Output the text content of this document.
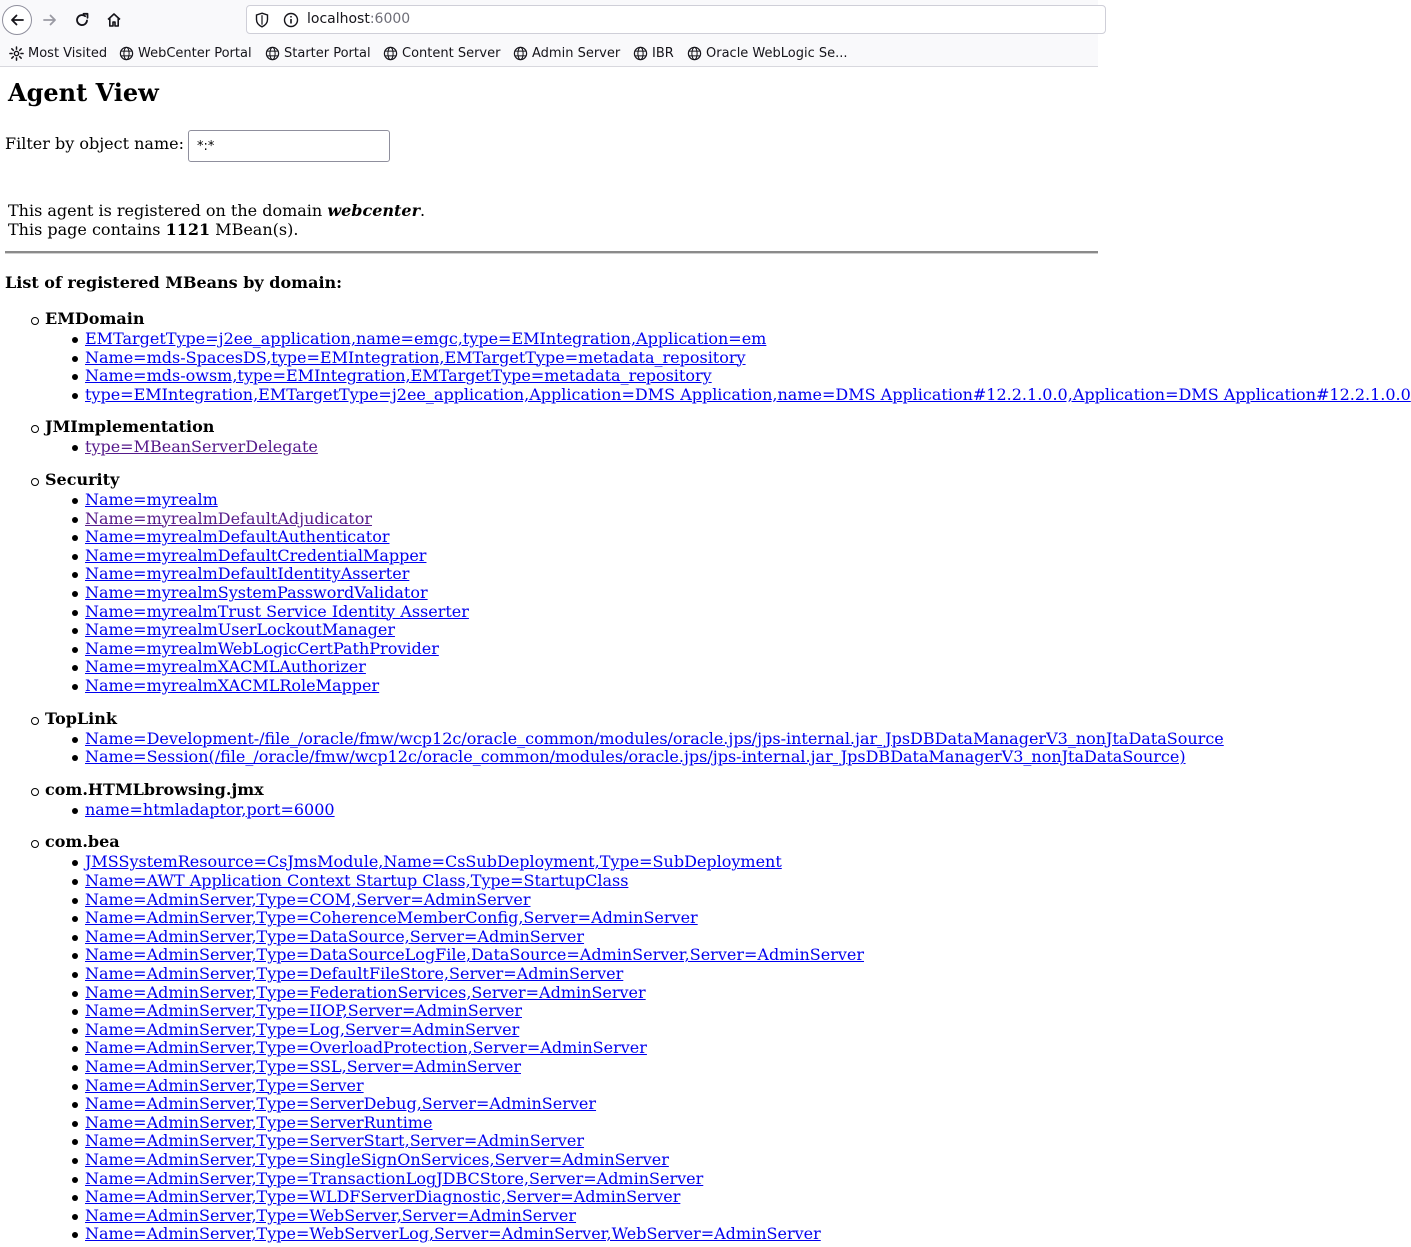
localhost:6000
Most Visited WebCenter Portal Starter Portal Content Server Admin Server IBR Oracle WebLogic Se...
Agent View
Filter by object name:
*:*
This agent is registered on the domain webcenter.
This page contains 1121 MBean(s).
List of registered MBeans by domain:
EMDomain
EMTargetType=j2ee_application,name=emgc,type=EMIntegration,Application=em
Name=mds-SpacesDS,type=EMIntegration,EMTargetType=metadata_repository
Name=mds-owsm,type=EMIntegration,EMTargetType=metadata_repository
type=EMIntegration,EMTargetType=j2ee_application,Application=DMS Application,name=DMS Application#12.2.1.0.0,Application=DMS Application#12.2.1.0.0
JMImplementation
type=MBeanServerDelegate
Security
Name=myrealm
Name=myrealmDefaultAdjudicator
Name=myrealmDefaultAuthenticator
Name=myrealmDefaultCredentialMapper
Name=myrealmDefaultIdentityAsserter
Name=myrealmSystemPasswordValidator
Name=myrealmTrust Service Identity Asserter
Name=myrealmUserLockoutManager
Name=myrealmWebLogicCertPathProvider
Name=myrealmXACMLAuthorizer
Name=myrealmXACMLRoleMapper
TopLink
Name=Development-/file_/oracle/fmw/wcp12c/oracle_common/modules/oracle.jps/jps-internal.jar_JpsDBDataManagerV3_nonJtaDataSource
Name=Session(/file_/oracle/fmw/wcp12c/oracle_common/modules/oracle.jps/jps-internal.jar_JpsDBDataManagerV3_nonJtaDataSource)
com.HTMLbrowsing.jmx
name=htmladaptor,port=6000
com.bea
JMSSystemResource=CsJmsModule,Name=CsSubDeployment,Type=SubDeployment
Name=AWT Application Context Startup Class,Type=StartupClass
Name=AdminServer,Type=COM,Server=AdminServer
Name=AdminServer,Type=CoherenceMemberConfig,Server=AdminServer
Name=AdminServer,Type=DataSource,Server=AdminServer
Name=AdminServer,Type=DataSourceLogFile,DataSource=AdminServer,Server=AdminServer
Name=AdminServer,Type=DefaultFileStore,Server=AdminServer
Name=AdminServer,Type=FederationServices,Server=AdminServer
Name=AdminServer,Type=IIOP,Server=AdminServer
Name=AdminServer,Type=Log,Server=AdminServer
Name=AdminServer,Type=OverloadProtection,Server=AdminServer
Name=AdminServer,Type=SSL,Server=AdminServer
Name=AdminServer,Type=Server
Name=AdminServer,Type=ServerDebug,Server=AdminServer
Name=AdminServer,Type=ServerRuntime
Name=AdminServer,Type=ServerStart,Server=AdminServer
Name=AdminServer,Type=SingleSignOnServices,Server=AdminServer
Name=AdminServer,Type=TransactionLogJDBCStore,Server=AdminServer
Name=AdminServer,Type=WLDFServerDiagnostic,Server=AdminServer
Name=AdminServer,Type=WebServer,Server=AdminServer
Name=AdminServer,Type=WebServerLog,Server=AdminServer,WebServer=AdminServer
